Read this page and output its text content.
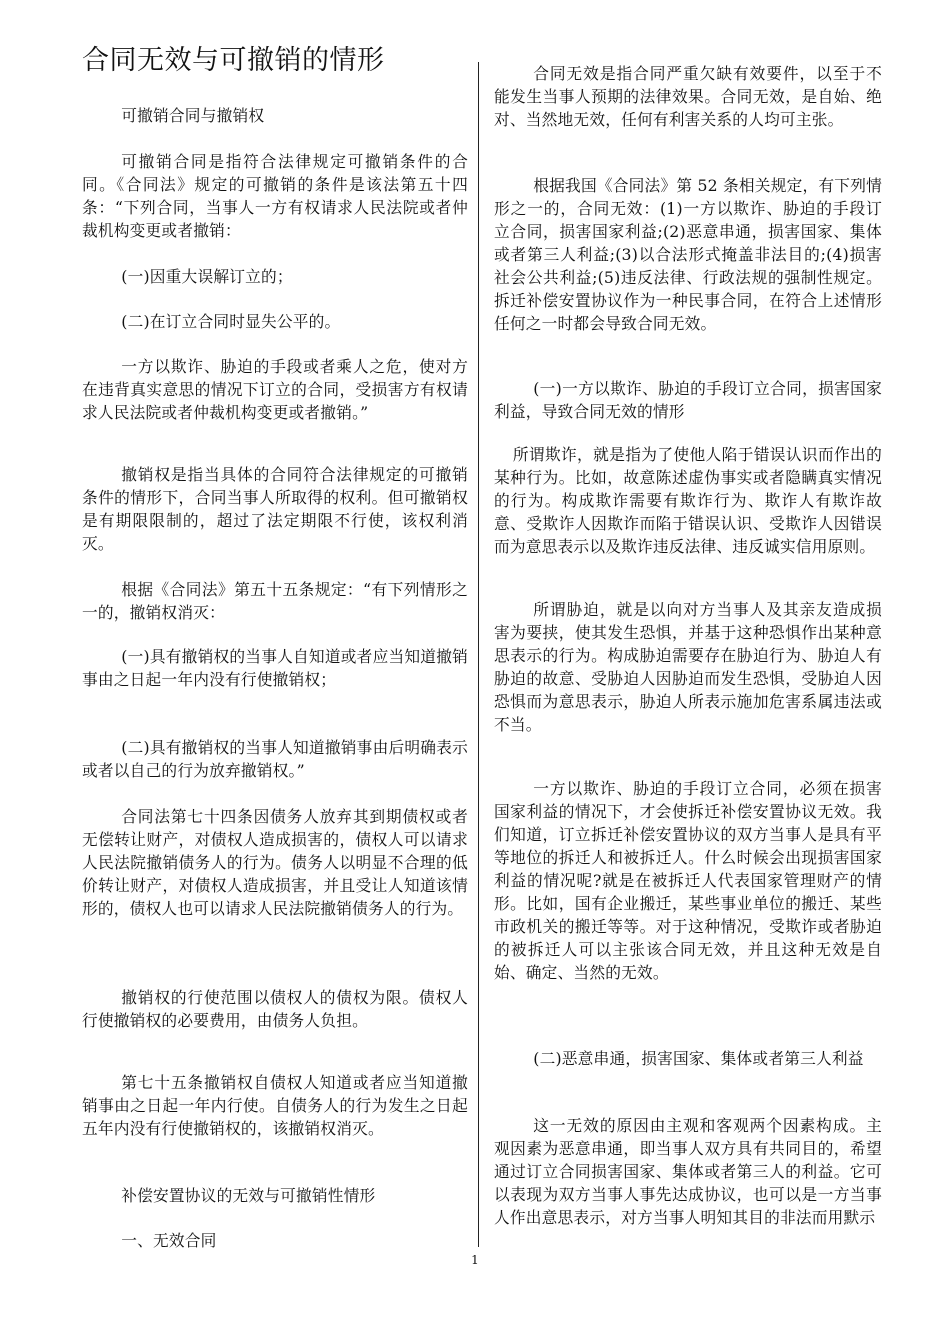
合同无效与可撤销的情形

可撤销合同与撤销权

可撤销合同是指符合法律规定可撤销条件的合同。《合同法》规定的可撤销的条件是该法第五十四条：“下列合同，当事人一方有权请求人民法院或者仲裁机构变更或者撤销：

(一)因重大误解订立的；

(二)在订立合同时显失公平的。

一方以欺诈、胁迫的手段或者乘人之危，使对方在违背真实意思的情况下订立的合同，受损害方有权请求人民法院或者仲裁机构变更或者撤销。”

撤销权是指当具体的合同符合法律规定的可撤销条件的情形下，合同当事人所取得的权利。但可撤销权是有期限限制的，超过了法定期限不行使，该权利消灭。

根据《合同法》第五十五条规定：“有下列情形之一的，撤销权消灭：

(一)具有撤销权的当事人自知道或者应当知道撤销事由之日起一年内没有行使撤销权；

(二)具有撤销权的当事人知道撤销事由后明确表示或者以自己的行为放弃撤销权。”

合同法第七十四条因债务人放弃其到期债权或者无偿转让财产，对债权人造成损害的，债权人可以请求人民法院撤销债务人的行为。债务人以明显不合理的低价转让财产，对债权人造成损害，并且受让人知道该情形的，债权人也可以请求人民法院撤销债务人的行为。

撤销权的行使范围以债权人的债权为限。债权人行使撤销权的必要费用，由债务人负担。

第七十五条撤销权自债权人知道或者应当知道撤销事由之日起一年内行使。自债务人的行为发生之日起五年内没有行使撤销权的，该撤销权消灭。

补偿安置协议的无效与可撤销性情形

一、无效合同

合同无效是指合同严重欠缺有效要件，以至于不能发生当事人预期的法律效果。合同无效，是自始、绝对、当然地无效，任何有利害关系的人均可主张。

根据我国《合同法》第 52 条相关规定，有下列情形之一的，合同无效：(1)一方以欺诈、胁迫的手段订立合同，损害国家利益;(2)恶意串通，损害国家、集体或者第三人利益;(3)以合法形式掩盖非法目的;(4)损害社会公共利益;(5)违反法律、行政法规的强制性规定。拆迁补偿安置协议作为一种民事合同，在符合上述情形任何之一时都会导致合同无效。

(一)一方以欺诈、胁迫的手段订立合同，损害国家利益，导致合同无效的情形

所谓欺诈，就是指为了使他人陷于错误认识而作出的某种行为。比如，故意陈述虚伪事实或者隐瞒真实情况的行为。构成欺诈需要有欺诈行为、欺诈人有欺诈故意、受欺诈人因欺诈而陷于错误认识、受欺诈人因错误而为意思表示以及欺诈违反法律、违反诚实信用原则。

所谓胁迫，就是以向对方当事人及其亲友造成损害为要挟，使其发生恐惧，并基于这种恐惧作出某种意思表示的行为。构成胁迫需要存在胁迫行为、胁迫人有胁迫的故意、受胁迫人因胁迫而发生恐惧，受胁迫人因恐惧而为意思表示，胁迫人所表示施加危害系属违法或不当。

一方以欺诈、胁迫的手段订立合同，必须在损害国家利益的情况下，才会使拆迁补偿安置协议无效。我们知道，订立拆迁补偿安置协议的双方当事人是具有平等地位的拆迁人和被拆迁人。什么时候会出现损害国家利益的情况呢?就是在被拆迁人代表国家管理财产的情形。比如，国有企业搬迁，某些事业单位的搬迁、某些市政机关的搬迁等等。对于这种情况，受欺诈或者胁迫的被拆迁人可以主张该合同无效，并且这种无效是自始、确定、当然的无效。

(二)恶意串通，损害国家、集体或者第三人利益

这一无效的原因由主观和客观两个因素构成。主观因素为恶意串通，即当事人双方具有共同目的，希望通过订立合同损害国家、集体或者第三人的利益。它可以表现为双方当事人事先达成协议，也可以是一方当事人作出意思表示，对方当事人明知其目的非法而用默示

1
